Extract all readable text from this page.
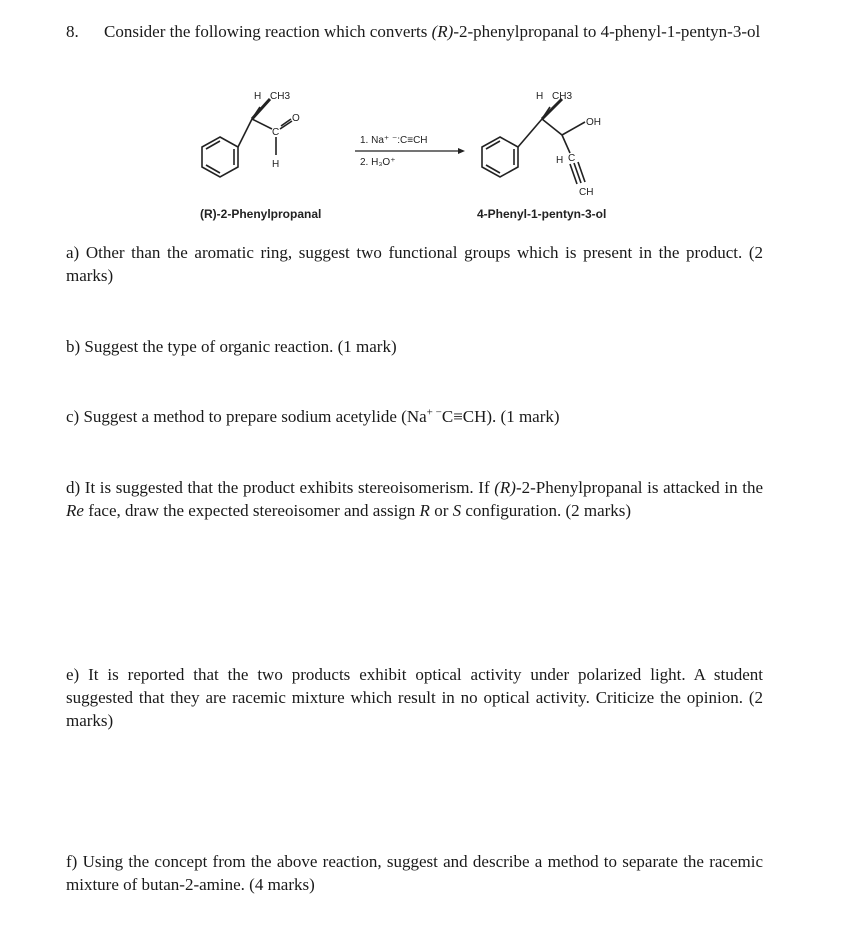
8. Consider the following reaction which converts (R)-2-phenylpropanal to 4-phenyl-1-pentyn-3-ol
H CH3
C
O
H
1. Na⁺ ⁻:C≡CH
2. H₃O⁺
H CH3
OH
H C
CH
(R)-2-Phenylpropanal	4-Phenyl-1-pentyn-3-ol
a) Other than the aromatic ring, suggest two functional groups which is present in the product. (2 marks)
b) Suggest the type of organic reaction. (1 mark)
c) Suggest a method to prepare sodium acetylide (Na+ −C≡CH). (1 mark)
d) It is suggested that the product exhibits stereoisomerism. If (R)-2-Phenylpropanal is attacked in the Re face, draw the expected stereoisomer and assign R or S configuration. (2 marks)
e) It is reported that the two products exhibit optical activity under polarized light. A student suggested that they are racemic mixture which result in no optical activity. Criticize the opinion. (2 marks)
f) Using the concept from the above reaction, suggest and describe a method to separate the racemic mixture of butan-2-amine. (4 marks)
